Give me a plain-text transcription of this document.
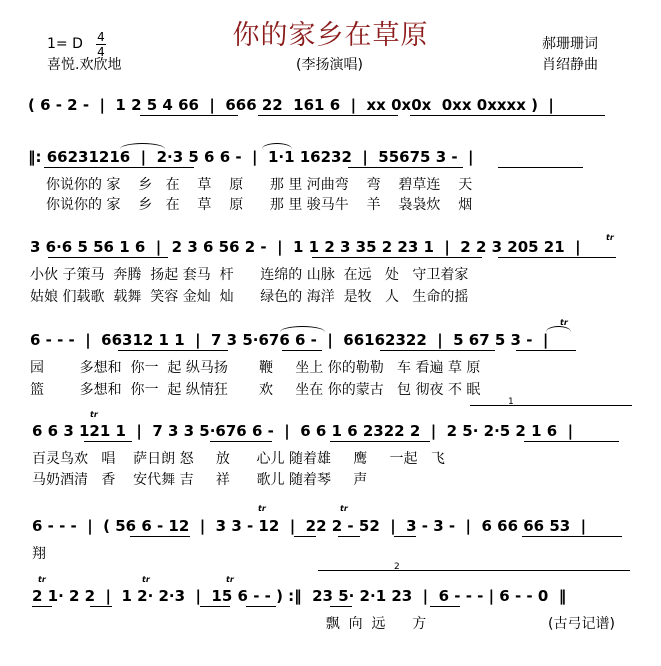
你的家乡在草原
1= D 4
4
喜悦.欢欣地	(李扬演唱)
郝珊珊词
肖绍静曲
( 6 - 2 -  |  1 2 5 4 66  |  666 22  161 6  |  xx 0x0x  0xx 0xxxx )  |
‖: 66231216  |  2·3 5 6 6 -  |  1·1 16232  |  55675 3 -  |
你说你的 家    乡   在    草    原      那 里 河曲弯    弯    碧草连    天
你说你的 家    乡   在    草    原      那 里 骏马牛    羊    袅袅炊    烟
3 6·6 5 56 1 6  |  2 3 6 56 2 -  |  1 1 2 3 35 2 23 1  |  2 2 3 205 21  |
tr
小伙 子策马  奔腾  扬起 套马  杆      连绵的 山脉  在远   处   守卫着家
姑娘 们载歌  载舞  笑容 金灿  灿      绿色的 海洋  是牧   人   生命的摇
6 - - -  |  66312 1 1  |  7 3 5·676 6 -  |  66162322  |  5 67 5 3 -  |
tr
园        多想和  你一  起 纵马扬       鞭     坐上 你的勒勒   车 看遍 草 原
篮        多想和  你一  起 纵情狂       欢     坐在 你的蒙古   包 彻夜 不 眠
1
6 6 3 121 1  |  7 3 3 5·676 6 -  |  6 6 1 6 2322 2  |  2 5· 2·5 2 1 6  |
tr
百灵鸟欢   唱    萨日朗 怒     放      心儿 随着雄     鹰     一起   飞
马奶酒清   香    安代舞 吉     祥      歌儿 随着琴     声
6 - - -  |  ( 56 6 - 12  |  3 3 - 12  |  22 2 - 52  |  3 - 3 -  |  6 66 66 53  |
tr	tr
翔
2
2 1· 2 2  |  1 2· 2·3  |  15 6 - - ) :‖  23 5· 2·1 23  |  6 - - - | 6 - - 0  ‖
tr	tr	tr
飘  向  远      方	(古弓记谱)
